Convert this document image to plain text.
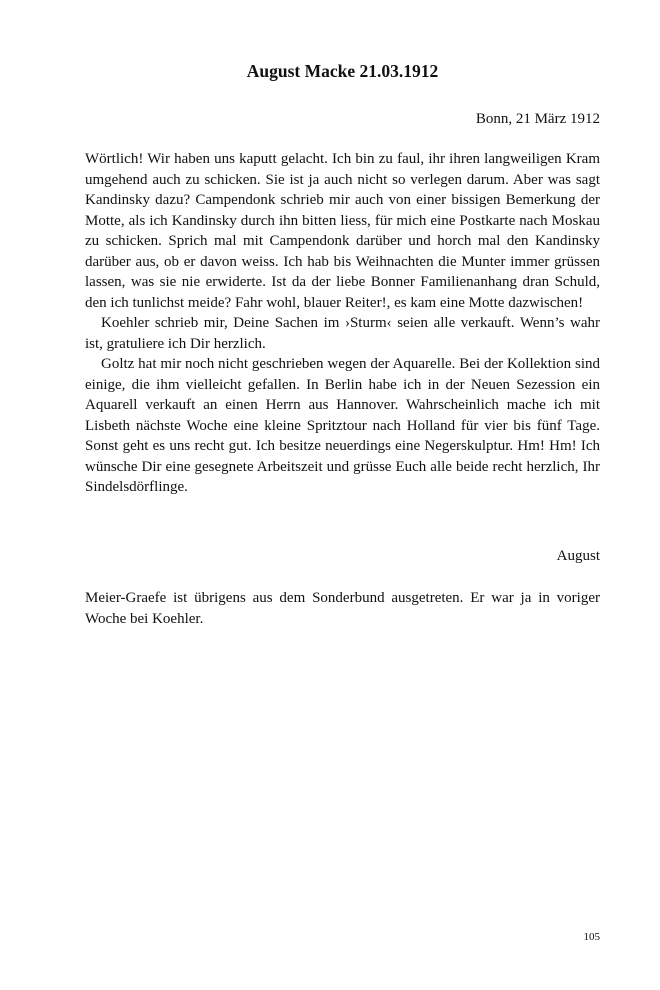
August Macke 21.03.1912

Bonn, 21 März 1912

Wörtlich! Wir haben uns kaputt gelacht. Ich bin zu faul, ihr ihren langweiligen Kram umgehend auch zu schicken. Sie ist ja auch nicht so verlegen darum. Aber was sagt Kandinsky dazu? Campendonk schrieb mir auch von einer bissigen Bemerkung der Motte, als ich Kandinsky durch ihn bitten liess, für mich eine Postkarte nach Moskau zu schicken. Sprich mal mit Campendonk darüber und horch mal den Kandinsky darüber aus, ob er davon weiss. Ich hab bis Weihnachten die Munter immer grüssen lassen, was sie nie erwiderte. Ist da der liebe Bonner Familienanhang dran Schuld, den ich tunlichst meide? Fahr wohl, blauer Reiter!, es kam eine Motte dazwischen!

Koehler schrieb mir, Deine Sachen im ›Sturm‹ seien alle verkauft. Wenn’s wahr ist, gratuliere ich Dir herzlich.

Goltz hat mir noch nicht geschrieben wegen der Aquarelle. Bei der Kollektion sind einige, die ihm vielleicht gefallen. In Berlin habe ich in der Neuen Sezession ein Aquarell verkauft an einen Herrn aus Hannover. Wahrscheinlich mache ich mit Lisbeth nächste Woche eine kleine Spritztour nach Holland für vier bis fünf Tage. Sonst geht es uns recht gut. Ich besitze neuerdings eine Negerskulptur. Hm! Hm! Ich wünsche Dir eine gesegnete Arbeitszeit und grüsse Euch alle beide recht herzlich, Ihr Sindelsdörflinge.

August

Meier-Graefe ist übrigens aus dem Sonderbund ausgetreten. Er war ja in voriger Woche bei Koehler.

105
